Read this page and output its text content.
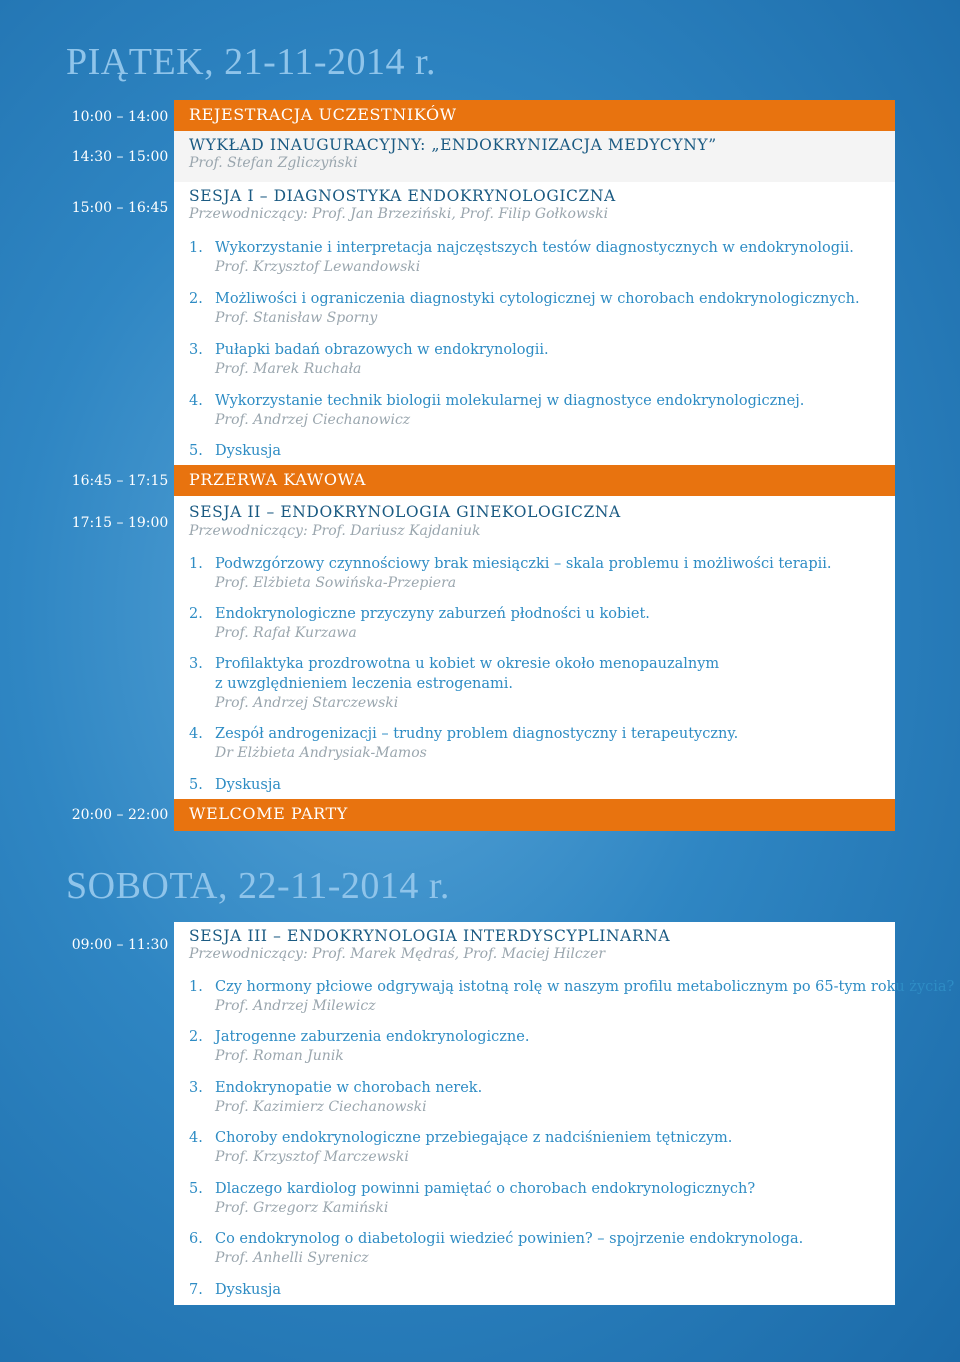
PIĄTEK, 21-11-2014 r.
10:00 – 14:00
14:30 – 15:00
15:00 – 16:45
16:45 – 17:15
17:15 – 19:00
20:00 – 22:00
REJESTRACJA UCZESTNIKÓW
WYKŁAD INAUGURACYJNY: „ENDOKRYNIZACJA MEDYCYNY”
Prof. Stefan Zgliczyński
SESJA I – DIAGNOSTYKA ENDOKRYNOLOGICZNA
Przewodniczący: Prof. Jan Brzeziński, Prof. Filip Gołkowski
1. Wykorzystanie i interpretacja najczęstszych testów diagnostycznych w endokrynologii.
Prof. Krzysztof Lewandowski
2. Możliwości i ograniczenia diagnostyki cytologicznej w chorobach endokrynologicznych.
Prof. Stanisław Sporny
3. Pułapki badań obrazowych w endokrynologii.
Prof. Marek Ruchała
4. Wykorzystanie technik biologii molekularnej w diagnostyce endokrynologicznej.
Prof. Andrzej Ciechanowicz
5. Dyskusja
PRZERWA KAWOWA
SESJA II – ENDOKRYNOLOGIA GINEKOLOGICZNA
Przewodniczący: Prof. Dariusz Kajdaniuk
1. Podwzgórzowy czynnościowy brak miesiączki – skala problemu i możliwości terapii.
Prof. Elżbieta Sowińska-Przepiera
2. Endokrynologiczne przyczyny zaburzeń płodności u kobiet.
Prof. Rafał Kurzawa
3. Profilaktyka prozdrowotna u kobiet w okresie około menopauzalnym
z uwzględnieniem leczenia estrogenami.
Prof. Andrzej Starczewski
4. Zespół androgenizacji – trudny problem diagnostyczny i terapeutyczny.
Dr Elżbieta Andrysiak-Mamos
5. Dyskusja
WELCOME PARTY
SOBOTA, 22-11-2014 r.
09:00 – 11:30	SESJA III – ENDOKRYNOLOGIA INTERDYSCYPLINARNA
Przewodniczący: Prof. Marek Mędraś, Prof. Maciej Hilczer
1. Czy hormony płciowe odgrywają istotną rolę w naszym profilu metabolicznym po 65-tym roku życia?
Prof. Andrzej Milewicz
2. Jatrogenne zaburzenia endokrynologiczne.
Prof. Roman Junik
3. Endokrynopatie w chorobach nerek.
Prof. Kazimierz Ciechanowski
4. Choroby endokrynologiczne przebiegające z nadciśnieniem tętniczym.
Prof. Krzysztof Marczewski
5. Dlaczego kardiolog powinni pamiętać o chorobach endokrynologicznych?
Prof. Grzegorz Kamiński
6. Co endokrynolog o diabetologii wiedzieć powinien? – spojrzenie endokrynologa.
Prof. Anhelli Syrenicz
7. Dyskusja
